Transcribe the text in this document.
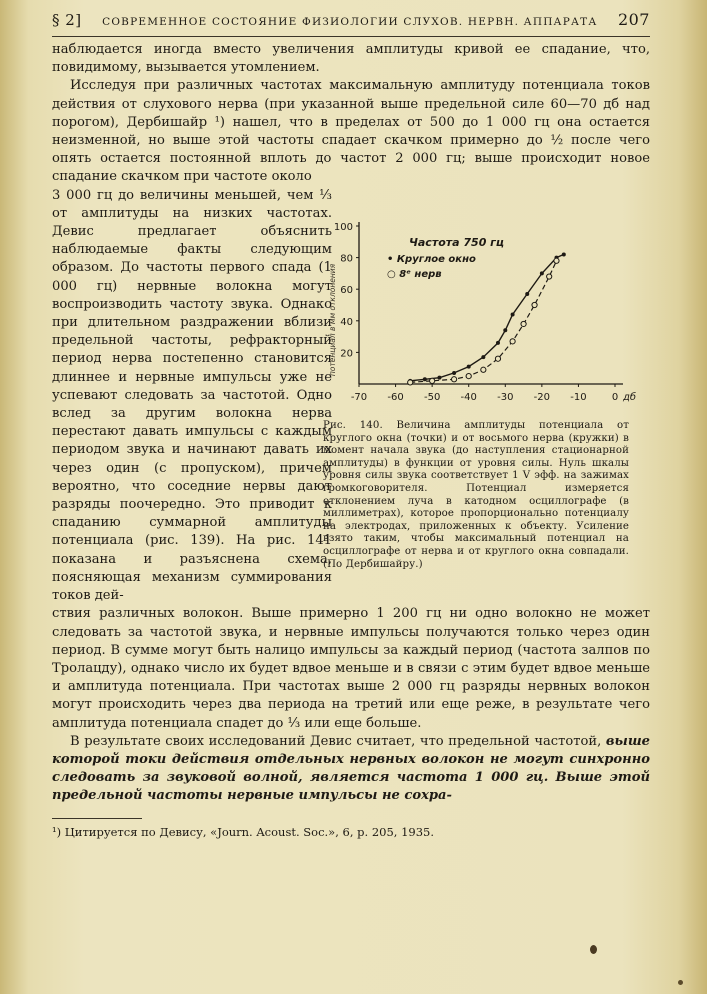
§ 2] СОВРЕМЕННОЕ СОСТОЯНИЕ ФИЗИОЛОГИИ СЛУХОВ. НЕРВН. АППАРАТА 207

наблюдается иногда вместо увеличения амплитуды кривой ее спадание, что, повидимому, вызывается утомлением.

Исследуя при различных частотах максимальную амплитуду потенциала токов действия от слухового нерва (при указанной выше предельной силе 60—70 дб над порогом), Дербишайр ¹) нашел, что в пределах от 500 до 1 000 гц она остается неизменной, но выше этой частоты спадает скачком примерно до ½ после чего опять остается постоянной вплоть до частот 2 000 гц; выше происходит новое спадание скачком при частоте около

3 000 гц до величины меньшей, чем ⅓ от амплитуды на низких частотах. Девис предлагает объяснить наблюдаемые факты следующим образом. До частоты первого спада (1 000 гц) нервные волокна могут воспроизводить частоту звука. Однако при длительном раздражении вблизи предельной частоты, рефракторный период нерва постепенно становится длиннее и нервные импульсы уже не успевают следовать за частотой. Одно вслед за другим волокна нерва перестают давать импульсы с каждым периодом звука и начинают давать их через один (с пропуском), причем вероятно, что соседние нервы дают разряды поочередно. Это приводит к спаданию суммарной амплитуды потенциала (рис. 139). На рис. 141 показана и разъяснена схема, поясняющая механизм суммирования токов дей-

ствия различных волокон. Выше примерно 1 200 гц ни одно волокно не может следовать за частотой звука, и нервные импульсы получаются только через один период. В сумме могут быть налицо импульсы за каждый период (частота залпов по Тролацду), однако число их будет вдвое меньше и в связи с этим будет вдвое меньше и амплитуда потенциала. При частотах выше 2 000 гц разряды нервных волокон могут происходить через два периода на третий или еще реже, в результате чего амплитуда потенциала спадет до ⅓ или еще больше.

В результате своих исследований Девис считает, что предельной частотой, выше которой токи действия отдельных нервных волокон не могут синхронно следовать за звуковой волной, является частота 1 000 гц. Выше этой предельной частоты нервные импульсы не сохра-

¹) Цитируется по Девису, «Journ. Acoust. Soc.», 6, p. 205, 1935.

потенциал в мм отклонения 20
40
60
80
100
-70 -60 -50 -40 -30 -20 -10	0 дб
Частота 750 гц
• Круглое окно
○ 8ᵉ нерв

Рис. 140. Величина амплитуды потенциала от круглого окна (точки) и от восьмого нерва (кружки) в момент начала звука (до наступления стационарной амплитуды) в функции от уровня силы. Нуль шкалы уровня силы звука соответствует 1 V эфф. на зажимах громкоговорителя. Потенциал измеряется отклонением луча в катодном осциллографе (в миллиметрах), которое пропорционально потенциалу на электродах, приложенных к объекту. Усиление взято таким, чтобы максимальный потенциал на осциллографе от нерва и от круглого окна совпадали. (По Дербишайру.)
